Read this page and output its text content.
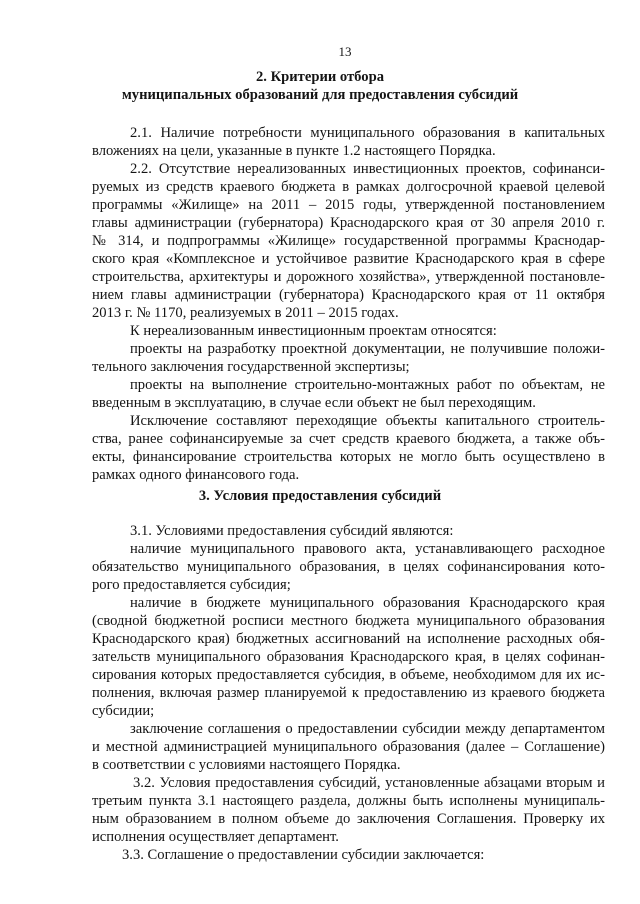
13
2. Критерии отбора
муниципальных образований для предоставления субсидий
2.1. Наличие потребности муниципального образования в капитальных
вложениях на цели, указанные в пункте 1.2 настоящего Порядка.
2.2. Отсутствие нереализованных инвестиционных проектов, софинанси-
руемых из средств краевого бюджета в рамках долгосрочной краевой целевой
программы «Жилище» на 2011 – 2015 годы, утвержденной постановлением
главы администрации (губернатора) Краснодарского края от 30 апреля 2010 г.
№ 314, и подпрограммы «Жилище» государственной программы Краснодар-
ского края «Комплексное и устойчивое развитие Краснодарского края в сфере
строительства, архитектуры и дорожного хозяйства», утвержденной постановле-
нием главы администрации (губернатора) Краснодарского края от 11 октября
2013 г. № 1170, реализуемых в 2011 – 2015 годах.
К нереализованным инвестиционным проектам относятся:
проекты на разработку проектной документации, не получившие положи-
тельного заключения государственной экспертизы;
проекты на выполнение строительно-монтажных работ по объектам, не
введенным в эксплуатацию, в случае если объект не был переходящим.
Исключение составляют переходящие объекты капитального строитель-
ства, ранее софинансируемые за счет средств краевого бюджета, а также объ-
екты, финансирование строительства которых не могло быть осуществлено в
рамках одного финансового года.
3. Условия предоставления субсидий
3.1. Условиями предоставления субсидий являются:
наличие муниципального правового акта, устанавливающего расходное
обязательство муниципального образования, в целях софинансирования кото-
рого предоставляется субсидия;
наличие в бюджете муниципального образования Краснодарского края
(сводной бюджетной росписи местного бюджета муниципального образования
Краснодарского края) бюджетных ассигнований на исполнение расходных обя-
зательств муниципального образования Краснодарского края, в целях софинан-
сирования которых предоставляется субсидия, в объеме, необходимом для их ис-
полнения, включая размер планируемой к предоставлению из краевого бюджета
субсидии;
заключение соглашения о предоставлении субсидии между департаментом
и местной администрацией муниципального образования (далее – Соглашение)
в соответствии с условиями настоящего Порядка.
3.2. Условия предоставления субсидий, установленные абзацами вторым и
третьим пункта 3.1 настоящего раздела, должны быть исполнены муниципаль-
ным образованием в полном объеме до заключения Соглашения. Проверку их
исполнения осуществляет департамент.
3.3. Соглашение о предоставлении субсидии заключается:
